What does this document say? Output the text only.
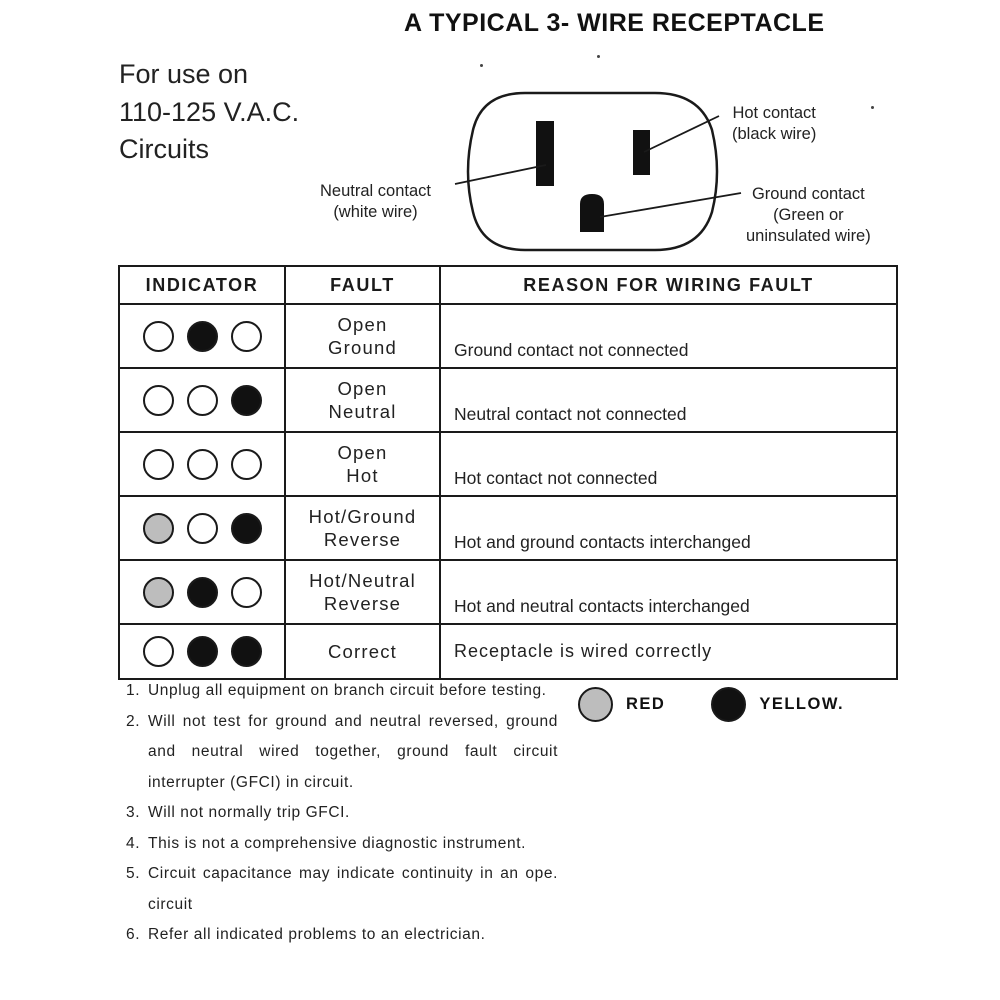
A TYPICAL 3- WIRE RECEPTACLE
For use on
110-125 V.A.C.
Circuits
Hot contact
(black wire)
Neutral contact
(white wire)
Ground contact
(Green or
uninsulated wire)
INDICATOR	FAULT	REASON FOR WIRING FAULT

	Open
Ground	Ground contact not connected

	Open
Neutral	Neutral contact not connected

	Open
Hot	Hot contact not connected

	Hot/Ground
Reverse	Hot and ground contacts interchanged

	Hot/Neutral
Reverse	Hot and neutral contacts interchanged

	Correct	Receptacle is wired correctly
1. Unplug all equipment on branch circuit before testing.
2. Will not test for ground and neutral reversed, ground and neutral wired together, ground fault circuit interrupter (GFCI) in circuit.
3. Will not normally trip GFCI.
4. This is not a comprehensive diagnostic instrument.
5. Circuit capacitance may indicate continuity in an ope. circuit
6. Refer all indicated problems to an electrician.
RED	YELLOW.
